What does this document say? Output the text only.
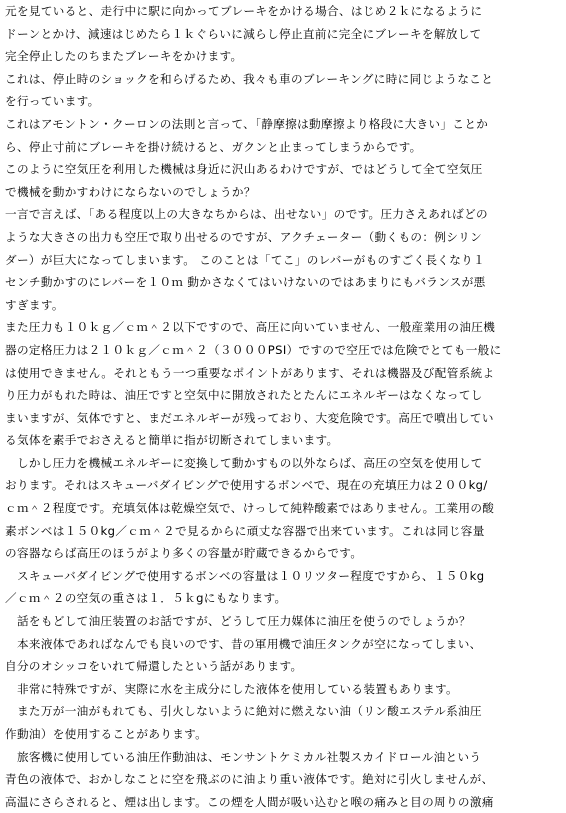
元を見ていると、走行中に駅に向かってブレーキをかける場合、はじめ２ｋになるように
ドーンとかけ、減速はじめたら１ｋぐらいに減らし停止直前に完全にブレーキを解放して
完全停止したのちまたブレーキをかけます。
これは、停止時のショックを和らげるため、我々も車のブレーキングに時に同じようなこと
を行っています。
これはアモントン・クーロンの法則と言って、「静摩擦は動摩擦より格段に大きい」ことか
ら、停止寸前にブレーキを掛け続けると、ガクンと止まってしまうからです。
このように空気圧を利用した機械は身近に沢山あるわけですが、ではどうして全て空気圧
で機械を動かすわけにならないのでしょうか？
一言で言えば、「ある程度以上の大きなちからは、出せない」のです。圧力さえあればどの
ような大きさの出力も空圧で取り出せるのですが、アクチェーター（動くもの：例シリン
ダー）が巨大になってしまいます。 このことは「てこ」のレバーがものすごく長くなり１
センチ動かすのにレバーを１０ｍ 動かさなくてはいけないのではあまりにもバランスが悪
すぎます。
また圧力も１０ｋｇ／ｃｍ＾２以下ですので、高圧に向いていません、一般産業用の油圧機
器の定格圧力は２１０ｋｇ／ｃｍ＾２（３０００PSI）ですので空圧では危険でとても一般に
は使用できません。それともう一つ重要なポイントがあります、それは機器及び配管系統よ
り圧力がもれた時は、油圧ですと空気中に開放されたとたんにエネルギーはなくなってし
まいますが、気体ですと、まだエネルギーが残っており、大変危険です。高圧で噴出してい
る気体を素手でおさえると簡単に指が切断されてしまいます。
　しかし圧力を機械エネルギーに変換して動かすもの以外ならば、高圧の空気を使用して
おります。それはスキューバダイビングで使用するボンベで、現在の充填圧力は２００kg/
ｃｍ＾２程度です。充填気体は乾燥空気で、けっして純粋酸素ではありません。工業用の酸
素ボンベは１５０kg／ｃｍ＾２で見るからに頑丈な容器で出来ています。これは同じ容量
の容器ならば高圧のほうがより多くの容量が貯蔵できるからです。
　スキューバダイビングで使用するボンベの容量は１０リツター程度ですから、１５０kg
／ｃｍ＾２の空気の重さは１．５ｋgにもなります。
　話をもどして油圧装置のお話ですが、どうして圧力媒体に油圧を使うのでしょうか？
　本来液体であればなんでも良いのです、昔の軍用機で油圧タンクが空になってしまい、
自分のオシッコをいれて帰還したという話があります。
　非常に特殊ですが、実際に水を主成分にした液体を使用している装置もあります。
　また万が一油がもれても、引火しないように絶対に燃えない油（リン酸エステル系油圧
作動油）を使用することがあります。
　旅客機に使用している油圧作動油は、モンサントケミカル社製スカイドロール油という
青色の液体で、おかしなことに空を飛ぶのに油より重い液体です。絶対に引火しませんが、
高温にさらされると、煙は出します。この煙を人間が吸い込むと喉の痛みと目の周りの激痛
